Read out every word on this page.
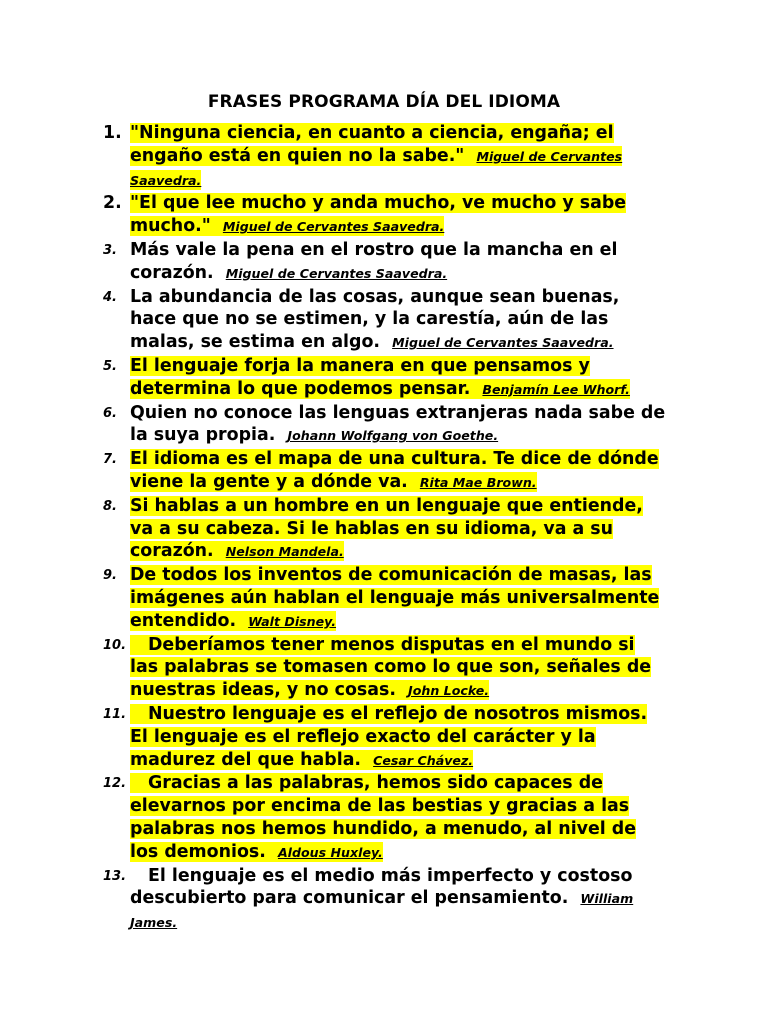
FRASES PROGRAMA DÍA DEL IDIOMA
1. "Ninguna ciencia, en cuanto a ciencia, engaña; el engaño está en quien no la sabe." Miguel de Cervantes Saavedra.
2. "El que lee mucho y anda mucho, ve mucho y sabe mucho." Miguel de Cervantes Saavedra.
3. Más vale la pena en el rostro que la mancha en el corazón. Miguel de Cervantes Saavedra.
4. La abundancia de las cosas, aunque sean buenas, hace que no se estimen, y la carestía, aún de las malas, se estima en algo. Miguel de Cervantes Saavedra.
5. El lenguaje forja la manera en que pensamos y determina lo que podemos pensar. Benjamín Lee Whorf.
6. Quien no conoce las lenguas extranjeras nada sabe de la suya propia. Johann Wolfgang von Goethe.
7. El idioma es el mapa de una cultura. Te dice de dónde viene la gente y a dónde va. Rita Mae Brown.
8. Si hablas a un hombre en un lenguaje que entiende, va a su cabeza. Si le hablas en su idioma, va a su corazón. Nelson Mandela.
9. De todos los inventos de comunicación de masas, las imágenes aún hablan el lenguaje más universalmente entendido. Walt Disney.
10. Deberíamos tener menos disputas en el mundo si las palabras se tomasen como lo que son, señales de nuestras ideas, y no cosas. John Locke.
11. Nuestro lenguaje es el reflejo de nosotros mismos. El lenguaje es el reflejo exacto del carácter y la madurez del que habla. Cesar Chávez.
12. Gracias a las palabras, hemos sido capaces de elevarnos por encima de las bestias y gracias a las palabras nos hemos hundido, a menudo, al nivel de los demonios. Aldous Huxley.
13. El lenguaje es el medio más imperfecto y costoso descubierto para comunicar el pensamiento. William James.
